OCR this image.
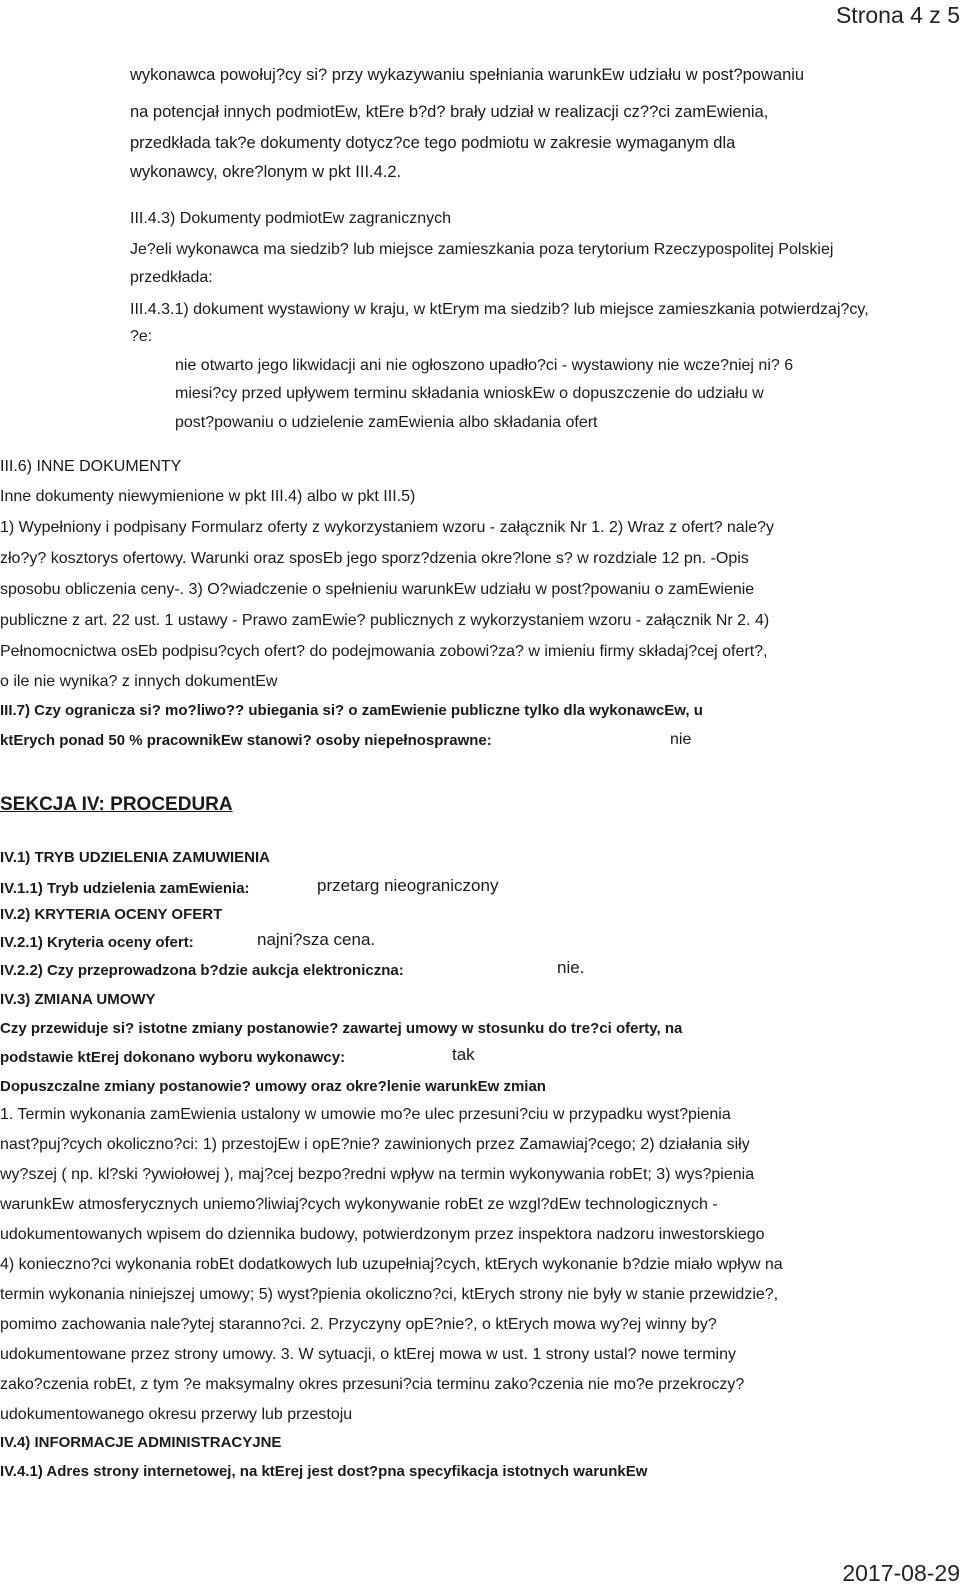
Strona 4 z 5
wykonawca powołuj?cy si? przy wykazywaniu spełniania warunkEw udziału w post?powaniu
na potencjał innych podmiotEw, ktEre b?d? brały udział w realizacji cz??ci zamEwienia,
przedkłada tak?e dokumenty dotycz?ce tego podmiotu w zakresie wymaganym dla
wykonawcy, okre?lonym w pkt III.4.2.
III.4.3) Dokumenty podmiotEw zagranicznych
Je?eli wykonawca ma siedzib? lub miejsce zamieszkania poza terytorium Rzeczypospolitej Polskiej
przedkłada:
III.4.3.1) dokument wystawiony w kraju, w ktErym ma siedzib? lub miejsce zamieszkania potwierdzaj?cy,
?e:
nie otwarto jego likwidacji ani nie ogłoszono upadło?ci - wystawiony nie wcze?niej ni? 6
miesi?cy przed upływem terminu składania wnioskEw o dopuszczenie do udziału w
post?powaniu o udzielenie zamEwienia albo składania ofert
III.6) INNE DOKUMENTY
Inne dokumenty niewymienione w pkt III.4) albo w pkt III.5)
1) Wypełniony i podpisany Formularz oferty z wykorzystaniem wzoru - załącznik Nr 1. 2) Wraz z ofert? nale?y
zło?y? kosztorys ofertowy. Warunki oraz sposEb jego sporz?dzenia okre?lone s? w rozdziale 12 pn. -Opis
sposobu obliczenia ceny-. 3) O?wiadczenie o spełnieniu warunkEw udziału w post?powaniu o zamEwienie
publiczne z art. 22 ust. 1 ustawy - Prawo zamEwie? publicznych z wykorzystaniem wzoru - załącznik Nr 2. 4)
Pełnomocnictwa osEb podpisu?cych ofert? do podejmowania zobowi?za? w imieniu firmy składaj?cej ofert?,
o ile nie wynika? z innych dokumentEw
III.7) Czy ogranicza si? mo?liwo?? ubiegania si? o zamEwienie publiczne tylko dla wykonawcEw, u
ktErych ponad 50 % pracownikEw stanowi? osoby niepełnosprawne:	nie
SEKCJA IV: PROCEDURA
IV.1) TRYB UDZIELENIA ZAMUWIENIA
IV.1.1) Tryb udzielenia zamEwienia:	przetarg nieograniczony
IV.2) KRYTERIA OCENY OFERT
IV.2.1) Kryteria oceny ofert:	najni?sza cena.
IV.2.2) Czy przeprowadzona b?dzie aukcja elektroniczna:	nie.
IV.3) ZMIANA UMOWY
Czy przewiduje si? istotne zmiany postanowie? zawartej umowy w stosunku do tre?ci oferty, na
podstawie ktErej dokonano wyboru wykonawcy:	tak
Dopuszczalne zmiany postanowie? umowy oraz okre?lenie warunkEw zmian
1. Termin wykonania zamEwienia ustalony w umowie mo?e ulec przesuni?ciu w przypadku wyst?pienia
nast?puj?cych okoliczno?ci: 1) przestojEw i opE?nie? zawinionych przez Zamawiaj?cego; 2) działania siły
wy?szej ( np. kl?ski ?ywiołowej ), maj?cej bezpo?redni wpływ na termin wykonywania robEt; 3) wys?pienia
warunkEw atmosferycznych uniemo?liwiaj?cych wykonywanie robEt ze wzgl?dEw technologicznych -
udokumentowanych wpisem do dziennika budowy, potwierdzonym przez inspektora nadzoru inwestorskiego
4) konieczno?ci wykonania robEt dodatkowych lub uzupełniaj?cych, ktErych wykonanie b?dzie miało wpływ na
termin wykonania niniejszej umowy; 5) wyst?pienia okoliczno?ci, ktErych strony nie były w stanie przewidzie?,
pomimo zachowania nale?ytej staranno?ci. 2. Przyczyny opE?nie?, o ktErych mowa wy?ej winny by?
udokumentowane przez strony umowy. 3. W sytuacji, o ktErej mowa w ust. 1 strony ustal? nowe terminy
zako?czenia robEt, z tym ?e maksymalny okres przesuni?cia terminu zako?czenia nie mo?e przekroczy?
udokumentowanego okresu przerwy lub przestoju
IV.4) INFORMACJE ADMINISTRACYJNE
IV.4.1) Adres strony internetowej, na ktErej jest dost?pna specyfikacja istotnych warunkEw
2017-08-29
